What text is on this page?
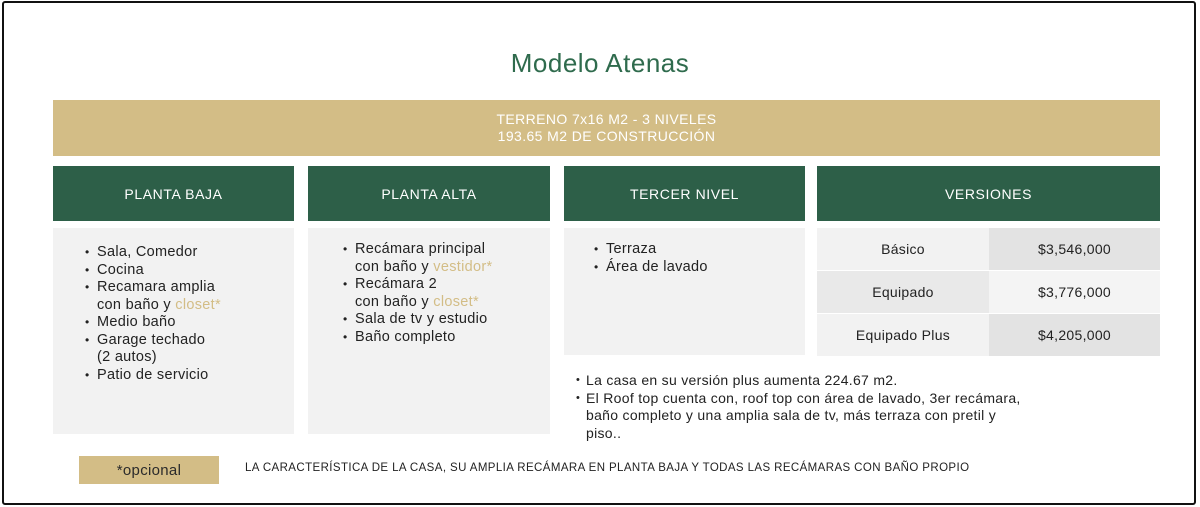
Modelo Atenas
TERRENO 7x16 M2 - 3 NIVELES
193.65 M2 DE CONSTRUCCIÓN
PLANTA BAJA	PLANTA ALTA	TERCER NIVEL	VERSIONES
• Sala, Comedor
• Cocina
• Recamara amplia
con baño y closet*
• Medio baño
• Garage techado
(2 autos)
• Patio de servicio
• Recámara principal
con baño y vestidor*
• Recámara 2
con baño y closet*
• Sala de tv y estudio
• Baño completo
• Terraza
• Área de lavado
Básico	$3,546,000
Equipado	$3,776,000
Equipado Plus	$4,205,000
• La casa en su versión plus aumenta 224.67 m2.
• El Roof top cuenta con, roof top con área de lavado, 3er recámara,
baño completo y una amplia sala de tv, más terraza con pretil y
piso..
*opcional	LA CARACTERÍSTICA DE LA CASA, SU AMPLIA RECÁMARA EN PLANTA BAJA Y TODAS LAS RECÁMARAS CON BAÑO PROPIO
